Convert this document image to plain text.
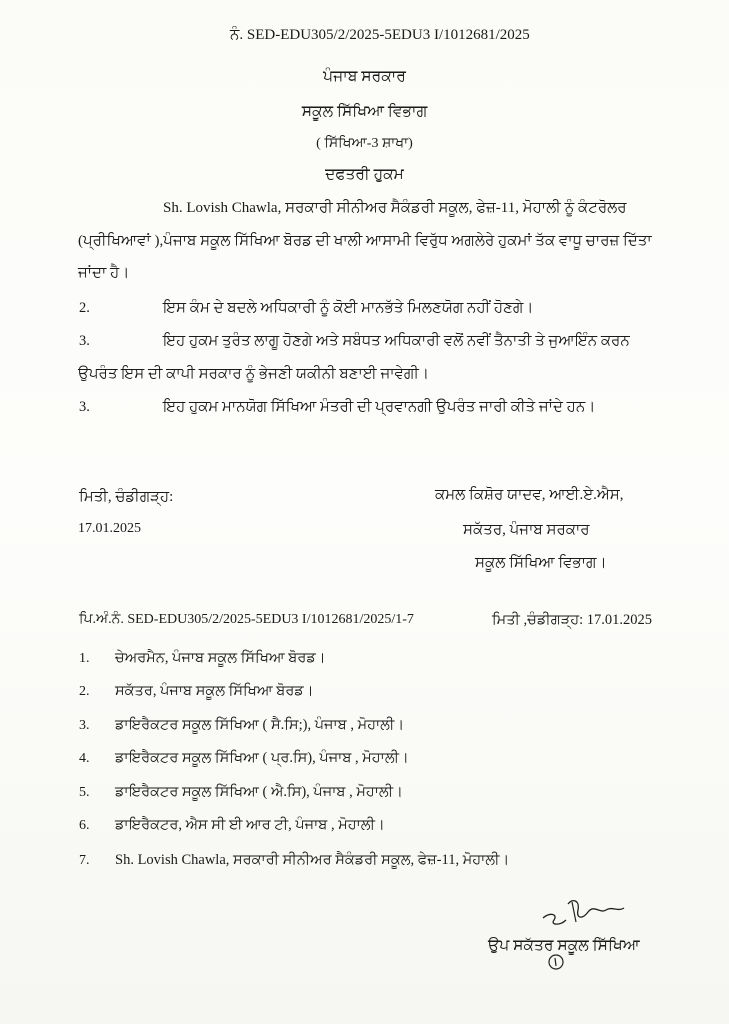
ਨੰ. SED-EDU305/2/2025-5EDU3 I/1012681/2025
ਪੰਜਾਬ ਸਰਕਾਰ
ਸਕੂਲ ਸਿੱਖਿਆ ਵਿਭਾਗ
( ਸਿੱਖਿਆ-3 ਸ਼ਾਖਾ)
ਦਫਤਰੀ ਹੁਕਮ
Sh. Lovish Chawla, ਸਰਕਾਰੀ ਸੀਨੀਅਰ ਸੈਕੰਡਰੀ ਸਕੂਲ, ਫੇਜ਼-11, ਮੋਹਾਲੀ ਨੂੰ ਕੰਟਰੋਲਰ
(ਪ੍ਰੀਖਿਆਵਾਂ ),ਪੰਜਾਬ ਸਕੂਲ ਸਿੱਖਿਆ ਬੋਰਡ ਦੀ ਖਾਲੀ ਆਸਾਮੀ ਵਿਰੁੱਧ ਅਗਲੇਰੇ ਹੁਕਮਾਂ ਤੱਕ ਵਾਧੂ ਚਾਰਜ਼ ਦਿੱਤਾ
ਜਾਂਦਾ ਹੈ।
2.	ਇਸ ਕੰਮ ਦੇ ਬਦਲੇ ਅਧਿਕਾਰੀ ਨੂੰ ਕੋਈ ਮਾਨਭੱਤੇ ਮਿਲਣਯੋਗ ਨਹੀਂ ਹੋਣਗੇ।
3.	ਇਹ ਹੁਕਮ ਤੁਰੰਤ ਲਾਗੂ ਹੋਣਗੇ ਅਤੇ ਸਬੰਧਤ ਅਧਿਕਾਰੀ ਵਲੋਂ ਨਵੀਂ ਤੈਨਾਤੀ ਤੇ ਜੁਆਇੰਨ ਕਰਨ
ਉਪਰੰਤ ਇਸ ਦੀ ਕਾਪੀ ਸਰਕਾਰ ਨੂੰ ਭੇਜਣੀ ਯਕੀਨੀ ਬਣਾਈ ਜਾਵੇਗੀ।
3.	ਇਹ ਹੁਕਮ ਮਾਨਯੋਗ ਸਿੱਖਿਆ ਮੰਤਰੀ ਦੀ ਪ੍ਰਵਾਨਗੀ ਉਪਰੰਤ ਜਾਰੀ ਕੀਤੇ ਜਾਂਦੇ ਹਨ।
ਮਿਤੀ, ਚੰਡੀਗੜ੍ਹ:
17.01.2025
ਕਮਲ ਕਿਸ਼ੋਰ ਯਾਦਵ, ਆਈ.ਏ.ਐਸ,
ਸਕੱਤਰ, ਪੰਜਾਬ ਸਰਕਾਰ
ਸਕੂਲ ਸਿੱਖਿਆ ਵਿਭਾਗ।
ਪਿ.ਅੰ.ਨੰ. SED-EDU305/2/2025-5EDU3 I/1012681/2025/1-7	ਮਿਤੀ ,ਚੰਡੀਗੜ੍ਹ: 17.01.2025
1. ਚੇਅਰਮੈਨ, ਪੰਜਾਬ ਸਕੂਲ ਸਿੱਖਿਆ ਬੋਰਡ।
2. ਸਕੱਤਰ, ਪੰਜਾਬ ਸਕੂਲ ਸਿੱਖਿਆ ਬੋਰਡ।
3. ਡਾਇਰੈਕਟਰ ਸਕੂਲ ਸਿੱਖਿਆ ( ਸੈ.ਸਿ;), ਪੰਜਾਬ , ਮੋਹਾਲੀ।
4. ਡਾਇਰੈਕਟਰ ਸਕੂਲ ਸਿੱਖਿਆ ( ਪ੍ਰ.ਸਿ), ਪੰਜਾਬ , ਮੋਹਾਲੀ।
5. ਡਾਇਰੈਕਟਰ ਸਕੂਲ ਸਿੱਖਿਆ ( ਐ.ਸਿ), ਪੰਜਾਬ , ਮੋਹਾਲੀ।
6. ਡਾਇਰੈਕਟਰ, ਐਸ ਸੀ ਈ ਆਰ ਟੀ, ਪੰਜਾਬ , ਮੋਹਾਲੀ।
7. Sh. Lovish Chawla, ਸਰਕਾਰੀ ਸੀਨੀਅਰ ਸੈਕੰਡਰੀ ਸਕੂਲ, ਫੇਜ਼-11, ਮੋਹਾਲੀ।
ਉਪ ਸਕੱਤਰ ਸਕੂਲ ਸਿੱਖਿਆ
